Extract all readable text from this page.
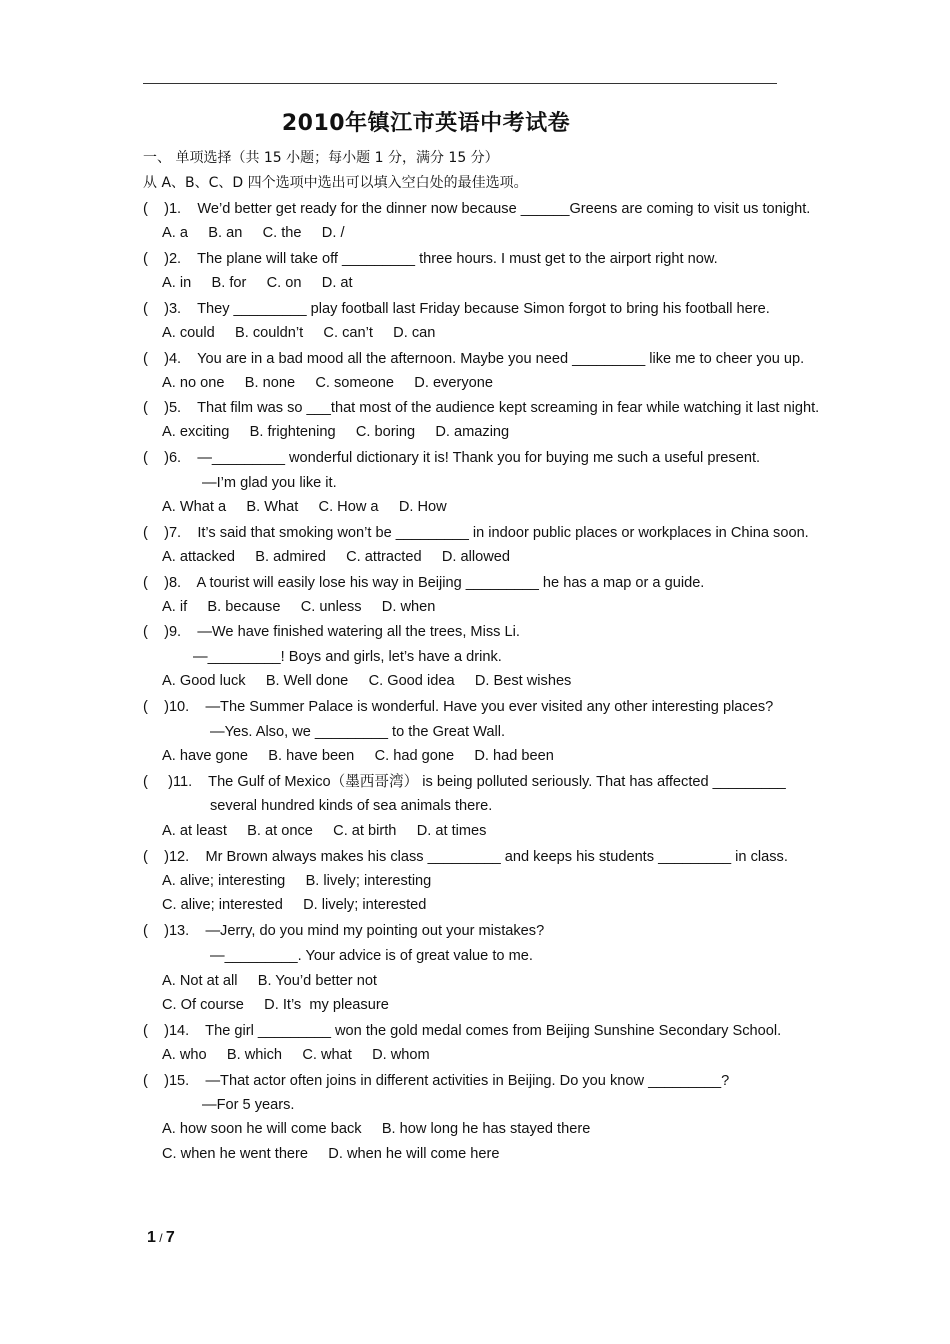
2010年镇江市英语中考试卷
一、 单项选择（共 15 小题；每小题 1 分，满分 15 分）
从 A、B、C、D 四个选项中选出可以填入空白处的最佳选项。
(    )1.    We’d better get ready for the dinner now because ______Greens are coming to visit us tonight.
A. a     B. an     C. the     D. /
(    )2.    The plane will take off _________ three hours. I must get to the airport right now.
A. in     B. for     C. on     D. at
(    )3.    They _________ play football last Friday because Simon forgot to bring his football here.
A. could     B. couldn’t     C. can’t     D. can
(    )4.    You are in a bad mood all the afternoon. Maybe you need _________ like me to cheer you up.
A. no one     B. none     C. someone     D. everyone
(    )5.    That film was so ___that most of the audience kept screaming in fear while watching it last night.
A. exciting     B. frightening     C. boring     D. amazing
(    )6.    —_________ wonderful dictionary it is! Thank you for buying me such a useful present.
—I’m glad you like it.
A. What a     B. What     C. How a     D. How
(    )7.    It’s said that smoking won’t be _________ in indoor public places or workplaces in China soon.
A. attacked     B. admired     C. attracted     D. allowed
(    )8.    A tourist will easily lose his way in Beijing _________ he has a map or a guide.
A. if     B. because     C. unless     D. when
(    )9.    —We have finished watering all the trees, Miss Li.
—_________! Boys and girls, let’s have a drink.
A. Good luck     B. Well done     C. Good idea     D. Best wishes
(    )10.    —The Summer Palace is wonderful. Have you ever visited any other interesting places?
—Yes. Also, we _________ to the Great Wall.
A. have gone     B. have been     C. had gone     D. had been
(     )11.    The Gulf of Mexico（墨西哥湾） is being polluted seriously. That has affected _________
several hundred kinds of sea animals there.
A. at least     B. at once     C. at birth     D. at times
(    )12.    Mr Brown always makes his class _________ and keeps his students _________ in class.
A. alive; interesting     B. lively; interesting
C. alive; interested     D. lively; interested
(    )13.    —Jerry, do you mind my pointing out your mistakes?
—_________. Your advice is of great value to me.
A. Not at all     B. You’d better not
C. Of course     D. It’s  my pleasure
(    )14.    The girl _________ won the gold medal comes from Beijing Sunshine Secondary School.
A. who     B. which     C. what     D. whom
(    )15.    —That actor often joins in different activities in Beijing. Do you know _________?
—For 5 years.
A. how soon he will come back     B. how long he has stayed there
C. when he went there     D. when he will come here
1 / 7
